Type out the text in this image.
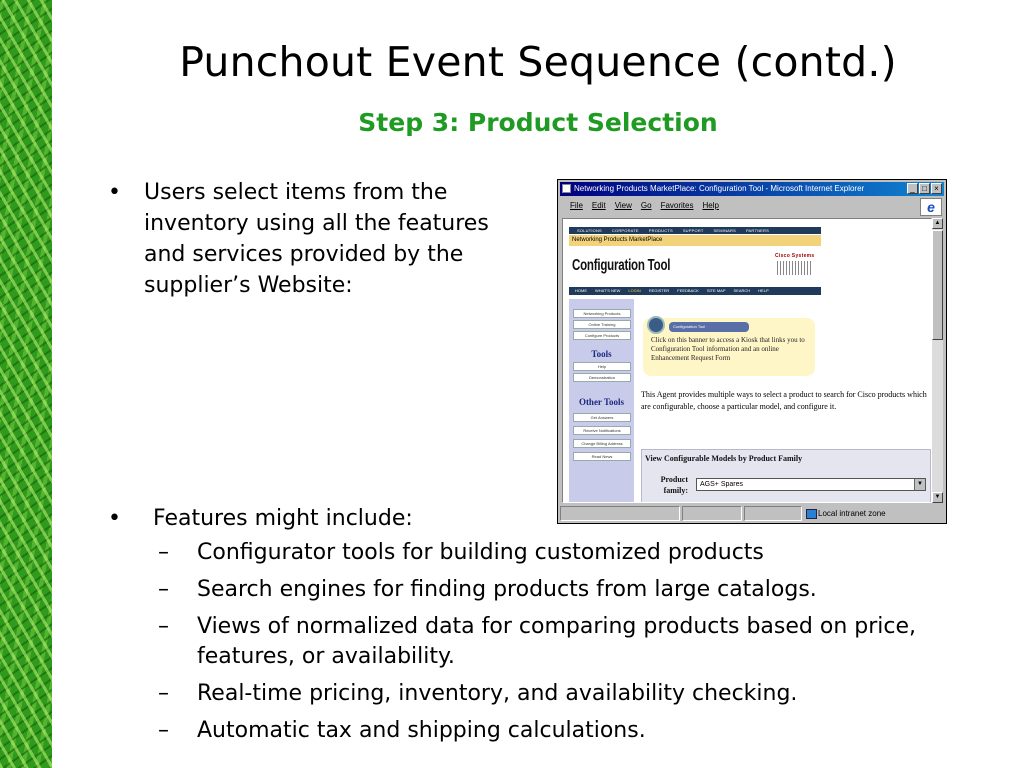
Punchout Event Sequence (contd.)
Step 3: Product Selection
• Users select items from the inventory using all the features and services provided by the supplier’s Website:
• Features might include:
–	Configurator tools for building customized products
–	Search engines for finding products from large catalogs.
–	Views of normalized data for comparing products based on price, features, or availability.
–	Real-time pricing, inventory, and availability checking.
–	Automatic tax and shipping calculations.
Networking Products MarketPlace: Configuration Tool - Microsoft Internet Explorer	_ □ ×
File Edit View Go Favorites Help	e
SOLUTIONS	CORPORATE	PRODUCTS	SUPPORT	SEMINARS	PARTNERS
Networking Products MarketPlace
Configuration Tool
Cisco Systems
HOME	WHAT'S NEW	LOGIN	REGISTER	FEEDBACK	SITE MAP	SEARCH	HELP
Networking Products
Online Training
Configure Products
Tools
Help
Demonstration
Other Tools
Get Answers
Receive Notifications
Change Billing Address
Read News
Configuration Tool
Click on this banner to access a Kiosk that links you to Configuration Tool information and an online Enhancement Request Form
This Agent provides multiple ways to select a product to search for Cisco products which are configurable, choose a particular model, and configure it.
View Configurable Models by Product Family
Product family:
AGS+ Spares	▼
▲
▼
Local intranet zone
